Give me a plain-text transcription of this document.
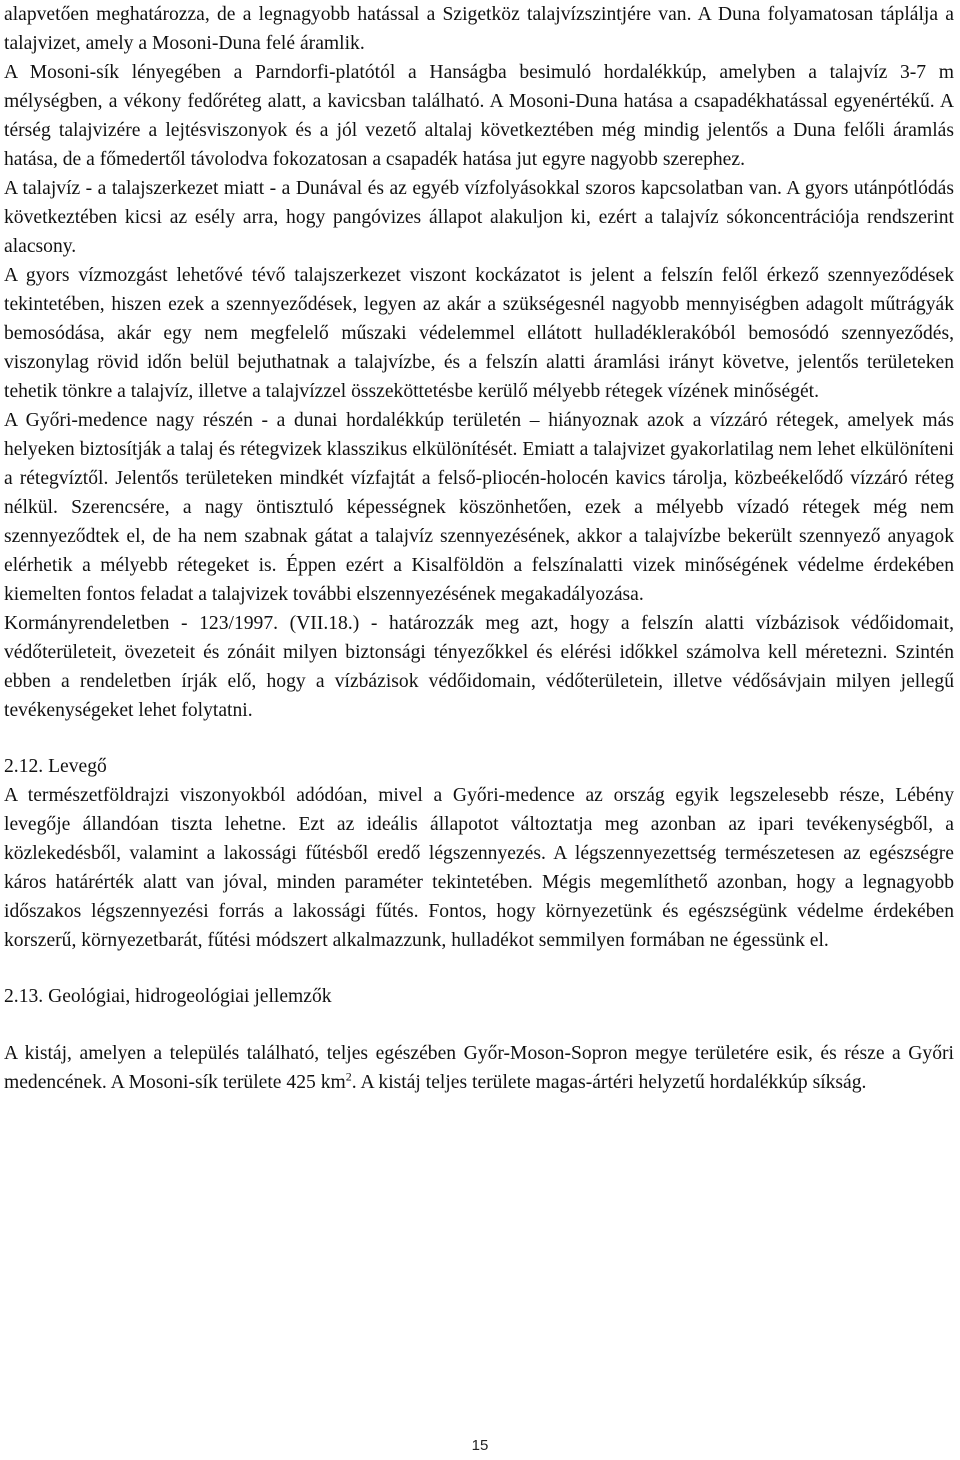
alapvetően meghatározza, de a legnagyobb hatással a Szigetköz talajvízszintjére van. A Duna folyamatosan táplálja a talajvizet, amely a Mosoni-Duna felé áramlik.

A Mosoni-sík lényegében a Parndorfi-platótól a Hanságba besimuló hordalékkúp, amelyben a talajvíz 3-7 m mélységben, a vékony fedőréteg alatt, a kavicsban található. A Mosoni-Duna hatása a csapadékhatással egyenértékű. A térség talajvizére a lejtésviszonyok és a jól vezető altalaj következtében még mindig jelentős a Duna felőli áramlás hatása, de a főmedertől távolodva fokozatosan a csapadék hatása jut egyre nagyobb szerephez.

A talajvíz - a talajszerkezet miatt - a Dunával és az egyéb vízfolyásokkal szoros kapcsolatban van. A gyors utánpótlódás következtében kicsi az esély arra, hogy pangóvizes állapot alakuljon ki, ezért a talajvíz sókoncentrációja rendszerint alacsony.

A gyors vízmozgást lehetővé tévő talajszerkezet viszont kockázatot is jelent a felszín felől érkező szennyeződések tekintetében, hiszen ezek a szennyeződések, legyen az akár a szükségesnél nagyobb mennyiségben adagolt műtrágyák bemosódása, akár egy nem megfelelő műszaki védelemmel ellátott hulladéklerakóból bemosódó szennyeződés, viszonylag rövid időn belül bejuthatnak a talajvízbe, és a felszín alatti áramlási irányt követve, jelentős területeken tehetik tönkre a talajvíz, illetve a talajvízzel összeköttetésbe kerülő mélyebb rétegek vízének minőségét.

A Győri-medence nagy részén - a dunai hordalékkúp területén – hiányoznak azok a vízzáró rétegek, amelyek más helyeken biztosítják a talaj és rétegvizek klasszikus elkülönítését. Emiatt a talajvizet gyakorlatilag nem lehet elkülöníteni a rétegvíztől. Jelentős területeken mindkét vízfajtát a felső-pliocén-holocén kavics tárolja, közbeékelődő vízzáró réteg nélkül. Szerencsére, a nagy öntisztuló képességnek köszönhetően, ezek a mélyebb vízadó rétegek még nem szennyeződtek el, de ha nem szabnak gátat a talajvíz szennyezésének, akkor a talajvízbe bekerült szennyező anyagok elérhetik a mélyebb rétegeket is. Éppen ezért a Kisalföldön a felszínalatti vizek minőségének védelme érdekében kiemelten fontos feladat a talajvizek további elszennyezésének megakadályozása.

Kormányrendeletben - 123/1997. (VII.18.) - határozzák meg azt, hogy a felszín alatti vízbázisok védőidomait, védőterületeit, övezeteit és zónáit milyen biztonsági tényezőkkel és elérési időkkel számolva kell méretezni. Szintén ebben a rendeletben írják elő, hogy a vízbázisok védőidomain, védőterületein, illetve védősávjain milyen jellegű tevékenységeket lehet folytatni.

2.12. Levegő

A természetföldrajzi viszonyokból adódóan, mivel a Győri-medence az ország egyik legszelesebb része, Lébény levegője állandóan tiszta lehetne. Ezt az ideális állapotot változtatja meg azonban az ipari tevékenységből, a közlekedésből, valamint a lakossági fűtésből eredő légszennyezés. A légszennyezettség természetesen az egészségre káros határérték alatt van jóval, minden paraméter tekintetében. Mégis megemlíthető azonban, hogy a legnagyobb időszakos légszennyezési forrás a lakossági fűtés. Fontos, hogy környezetünk és egészségünk védelme érdekében korszerű, környezetbarát, fűtési módszert alkalmazzunk, hulladékot semmilyen formában ne égessünk el.

2.13. Geológiai, hidrogeológiai jellemzők

A kistáj, amelyen a település található, teljes egészében Győr-Moson-Sopron megye területére esik, és része a Győri medencének. A Mosoni-sík területe 425 $km^2$. A kistáj teljes területe magas-ártéri helyzetű hordalékkúp síkság.

15
